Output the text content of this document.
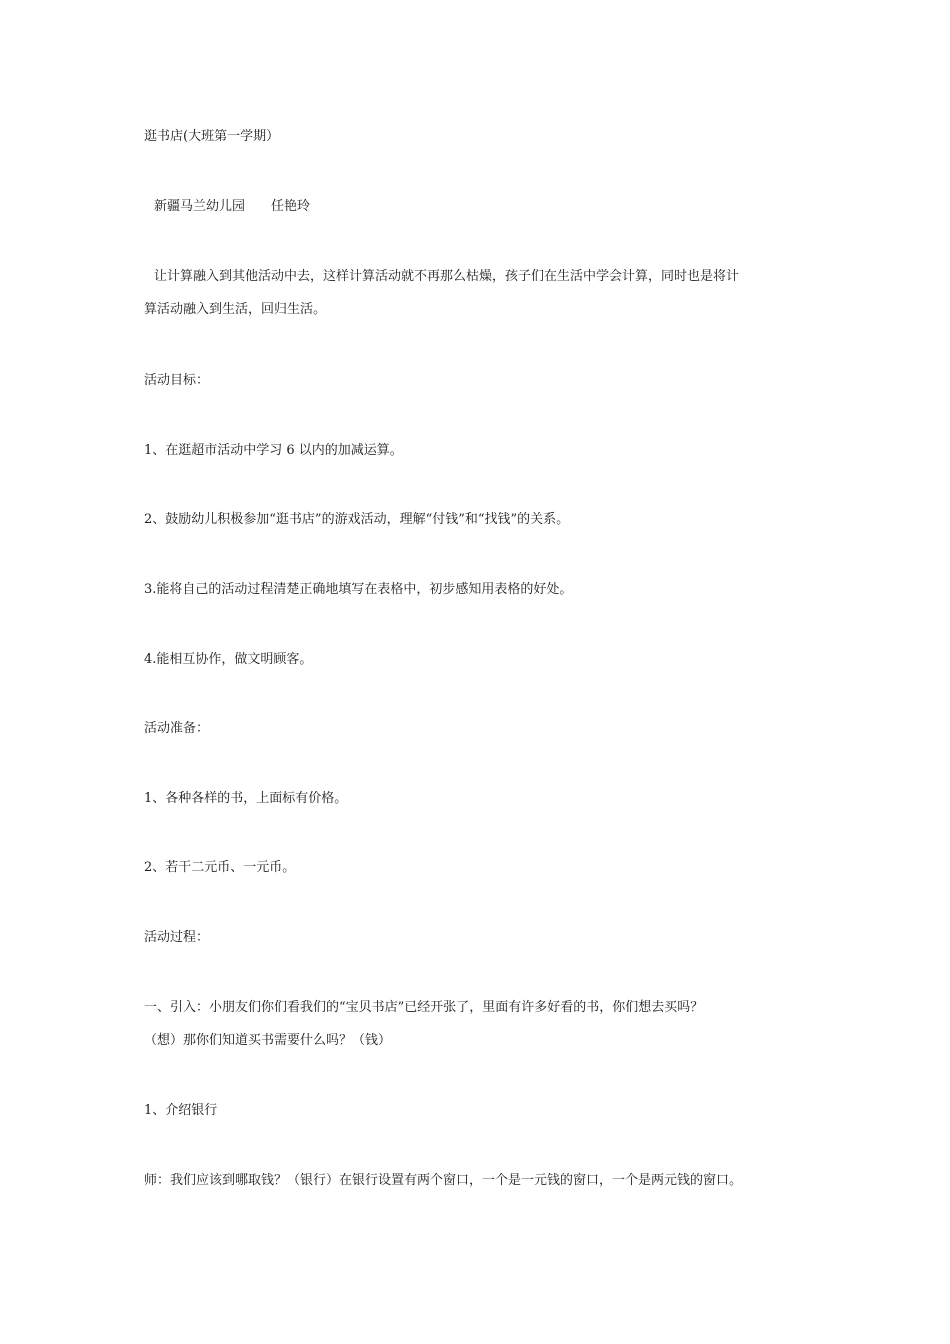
逛书店(大班第一学期）
新疆马兰幼儿园　　任艳玲
让计算融入到其他活动中去，这样计算活动就不再那么枯燥，孩子们在生活中学会计算，同时也是将计
算活动融入到生活，回归生活。
活动目标：
1、在逛超市活动中学习 6 以内的加减运算。
2、鼓励幼儿积极参加“逛书店”的游戏活动，理解“付钱”和“找钱”的关系。
3.能将自己的活动过程清楚正确地填写在表格中，初步感知用表格的好处。
4.能相互协作，做文明顾客。
活动准备：
1、各种各样的书，上面标有价格。
2、若干二元币、一元币。
活动过程：
一、引入：小朋友们你们看我们的“宝贝书店”已经开张了，里面有许多好看的书，你们想去买吗？
（想）那你们知道买书需要什么吗？（钱）
1、介绍银行
师：我们应该到哪取钱？（银行）在银行设置有两个窗口，一个是一元钱的窗口，一个是两元钱的窗口。
